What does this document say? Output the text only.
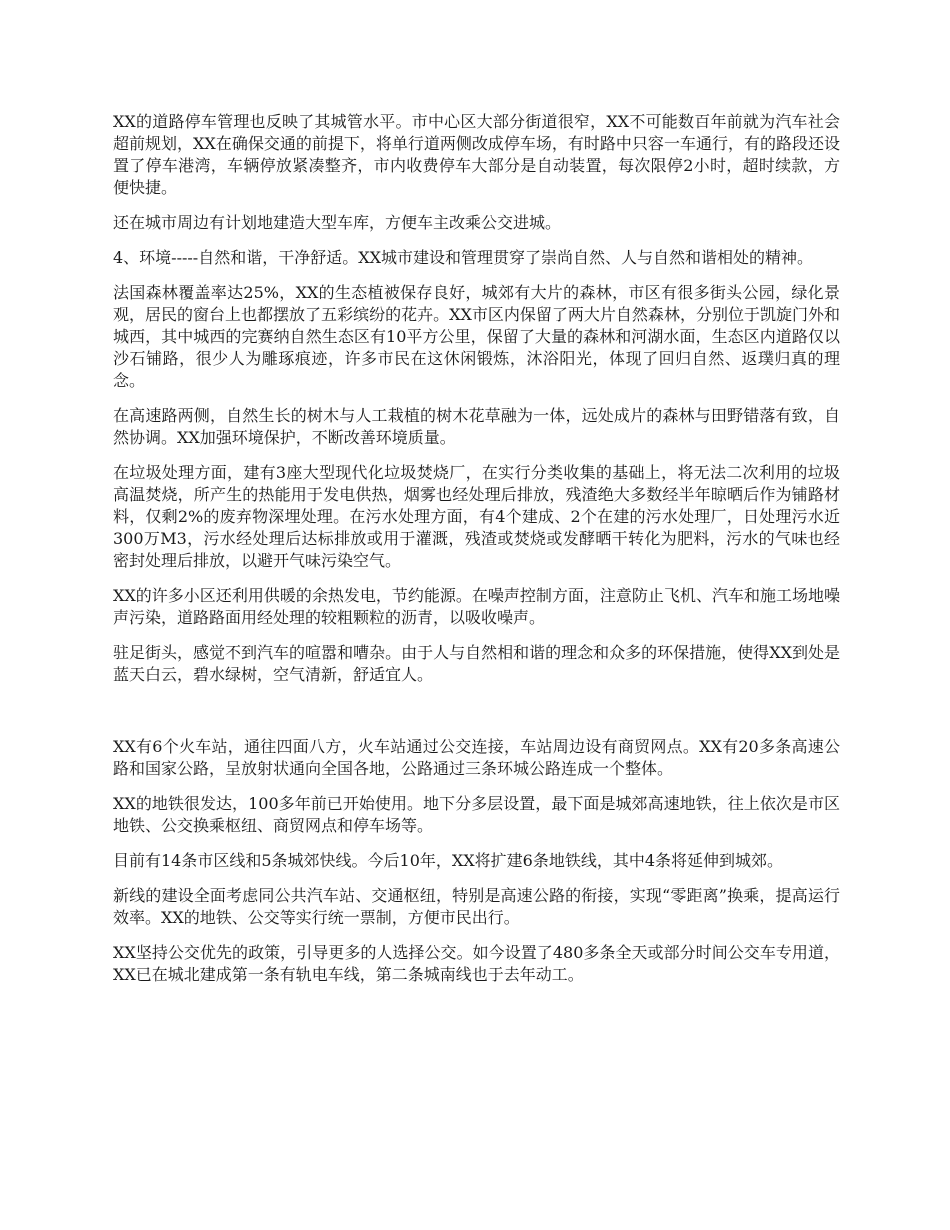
XX的道路停车管理也反映了其城管水平。市中心区大部分街道很窄，XX不可能数百年前就为汽车社会超前规划，XX在确保交通的前提下，将单行道两侧改成停车场，有时路中只容一车通行，有的路段还设置了停车港湾，车辆停放紧凑整齐，市内收费停车大部分是自动装置，每次限停2小时，超时续款，方便快捷。

还在城市周边有计划地建造大型车库，方便车主改乘公交进城。

4、环境-----自然和谐，干净舒适。XX城市建设和管理贯穿了崇尚自然、人与自然和谐相处的精神。

法国森林覆盖率达25%，XX的生态植被保存良好，城郊有大片的森林，市区有很多街头公园，绿化景观，居民的窗台上也都摆放了五彩缤纷的花卉。XX市区内保留了两大片自然森林，分别位于凯旋门外和城西，其中城西的完赛纳自然生态区有10平方公里，保留了大量的森林和河湖水面，生态区内道路仅以沙石铺路，很少人为雕琢痕迹，许多市民在这休闲锻炼，沐浴阳光，体现了回归自然、返璞归真的理念。

在高速路两侧，自然生长的树木与人工栽植的树木花草融为一体，远处成片的森林与田野错落有致，自然协调。XX加强环境保护，不断改善环境质量。

在垃圾处理方面，建有3座大型现代化垃圾焚烧厂，在实行分类收集的基础上，将无法二次利用的垃圾高温焚烧，所产生的热能用于发电供热，烟雾也经处理后排放，残渣绝大多数经半年晾晒后作为铺路材料，仅剩2%的废弃物深埋处理。在污水处理方面，有4个建成、2个在建的污水处理厂，日处理污水近300万M3，污水经处理后达标排放或用于灌溉，残渣或焚烧或发酵晒干转化为肥料，污水的气味也经密封处理后排放，以避开气味污染空气。

XX的许多小区还利用供暖的余热发电，节约能源。在噪声控制方面，注意防止飞机、汽车和施工场地噪声污染，道路路面用经处理的较粗颗粒的沥青，以吸收噪声。

驻足街头，感觉不到汽车的喧嚣和嘈杂。由于人与自然相和谐的理念和众多的环保措施，使得XX到处是蓝天白云，碧水绿树，空气清新，舒适宜人。

XX有6个火车站，通往四面八方，火车站通过公交连接，车站周边设有商贸网点。XX有20多条高速公路和国家公路，呈放射状通向全国各地，公路通过三条环城公路连成一个整体。

XX的地铁很发达，100多年前已开始使用。地下分多层设置，最下面是城郊高速地铁，往上依次是市区地铁、公交换乘枢纽、商贸网点和停车场等。

目前有14条市区线和5条城郊快线。今后10年，XX将扩建6条地铁线，其中4条将延伸到城郊。

新线的建设全面考虑同公共汽车站、交通枢纽，特别是高速公路的衔接，实现“零距离”换乘，提高运行效率。XX的地铁、公交等实行统一票制，方便市民出行。

XX坚持公交优先的政策，引导更多的人选择公交。如今设置了480多条全天或部分时间公交车专用道，XX已在城北建成第一条有轨电车线，第二条城南线也于去年动工。
